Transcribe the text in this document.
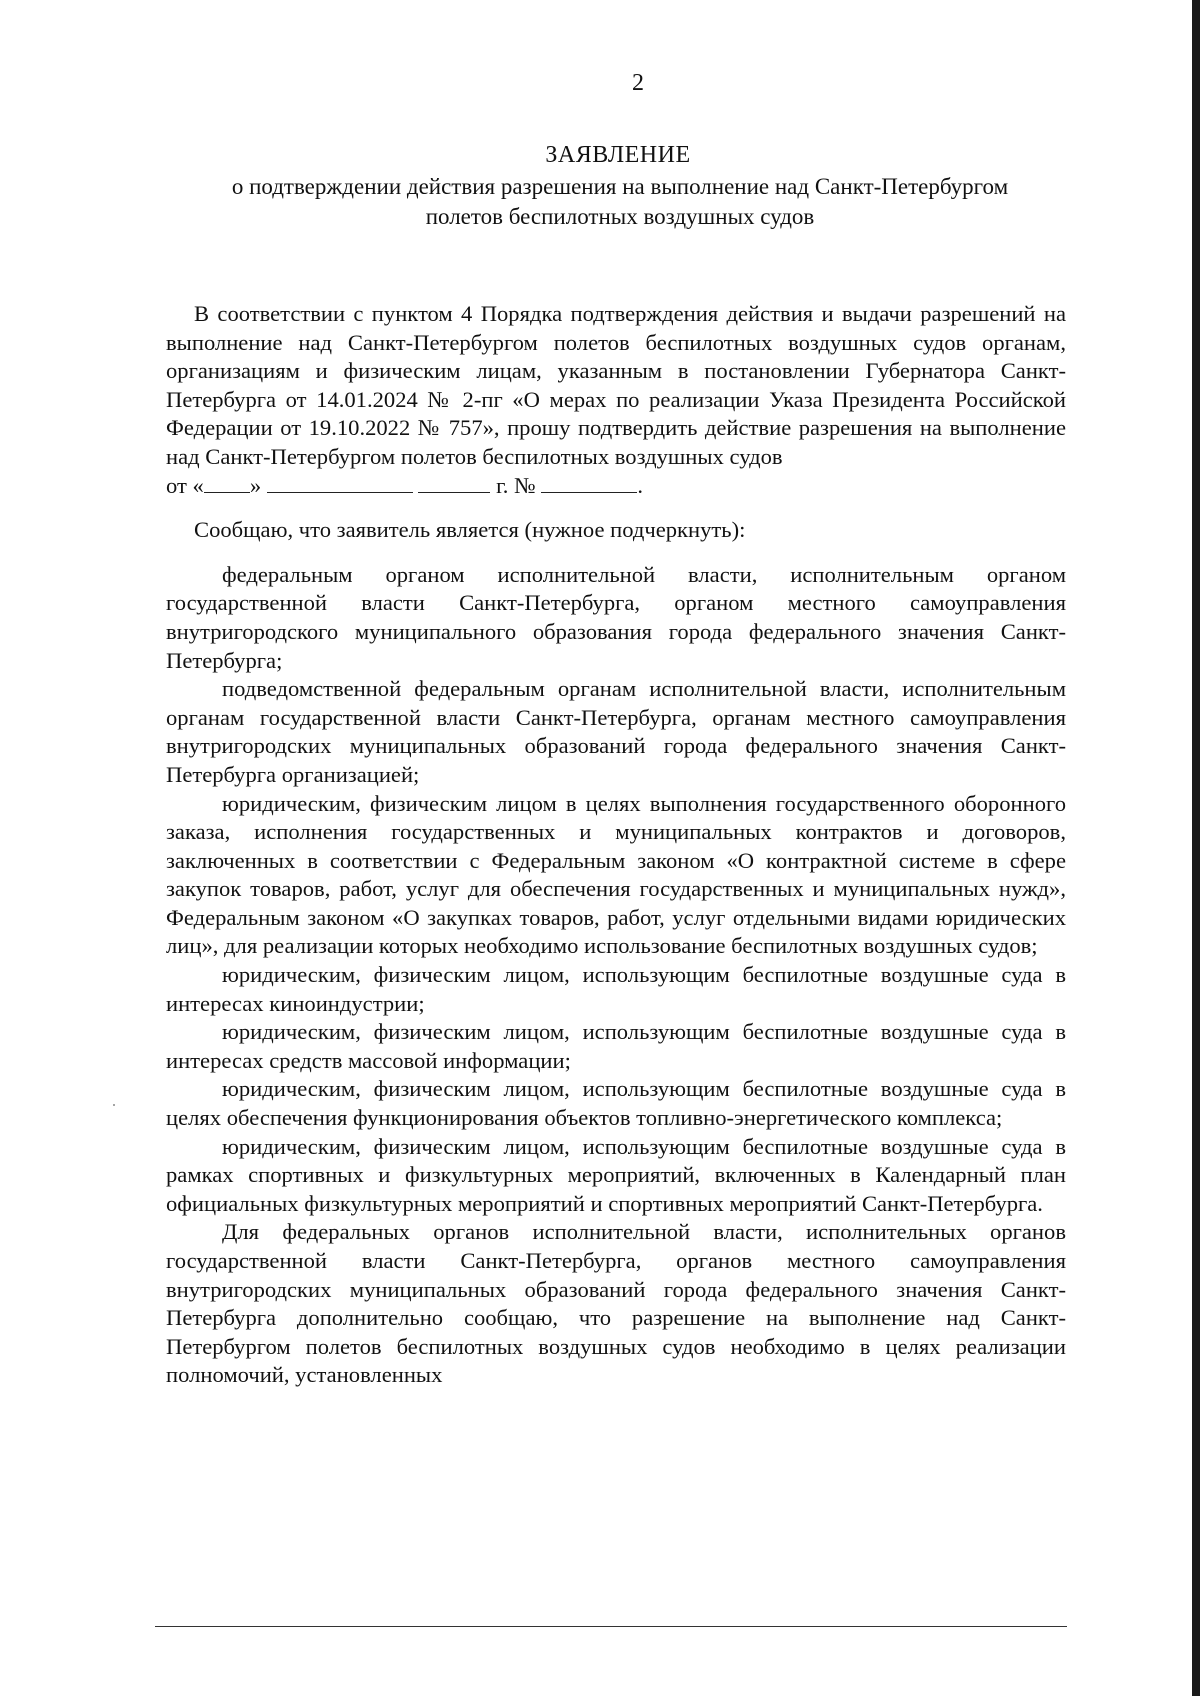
2
ЗАЯВЛЕНИЕ
о подтверждении действия разрешения на выполнение над Санкт-Петербургом
полетов беспилотных воздушных судов

В соответствии с пунктом 4 Порядка подтверждения действия и выдачи разрешений на выполнение над Санкт-Петербургом полетов беспилотных воздушных судов органам, организациям и физическим лицам, указанным в постановлении Губернатора Санкт-Петербурга от 14.01.2024 № 2-пг «О мерах по реализации Указа Президента Российской Федерации от 19.10.2022 № 757», прошу подтвердить действие разрешения на выполнение над Санкт-Петербургом полетов беспилотных воздушных судов
от « »	г. №	.

Сообщаю, что заявитель является (нужное подчеркнуть):

федеральным органом исполнительной власти, исполнительным органом государственной власти Санкт-Петербурга, органом местного самоуправления внутригородского муниципального образования города федерального значения Санкт-Петербурга;

подведомственной федеральным органам исполнительной власти, исполнительным органам государственной власти Санкт-Петербурга, органам местного самоуправления внутригородских муниципальных образований города федерального значения Санкт-Петербурга организацией;

юридическим, физическим лицом в целях выполнения государственного оборонного заказа, исполнения государственных и муниципальных контрактов и договоров, заключенных в соответствии с Федеральным законом «О контрактной системе в сфере закупок товаров, работ, услуг для обеспечения государственных и муниципальных нужд», Федеральным законом «О закупках товаров, работ, услуг отдельными видами юридических лиц», для реализации которых необходимо использование беспилотных воздушных судов;

юридическим, физическим лицом, использующим беспилотные воздушные суда в интересах киноиндустрии;

юридическим, физическим лицом, использующим беспилотные воздушные суда в интересах средств массовой информации;

юридическим, физическим лицом, использующим беспилотные воздушные суда в целях обеспечения функционирования объектов топливно-энергетического комплекса;

юридическим, физическим лицом, использующим беспилотные воздушные суда в рамках спортивных и физкультурных мероприятий, включенных в Календарный план официальных физкультурных мероприятий и спортивных мероприятий Санкт-Петербурга.

Для федеральных органов исполнительной власти, исполнительных органов государственной власти Санкт-Петербурга, органов местного самоуправления внутригородских муниципальных образований города федерального значения Санкт-Петербурга дополнительно сообщаю, что разрешение на выполнение над Санкт-Петербургом полетов беспилотных воздушных судов необходимо в целях реализации полномочий, установленных
